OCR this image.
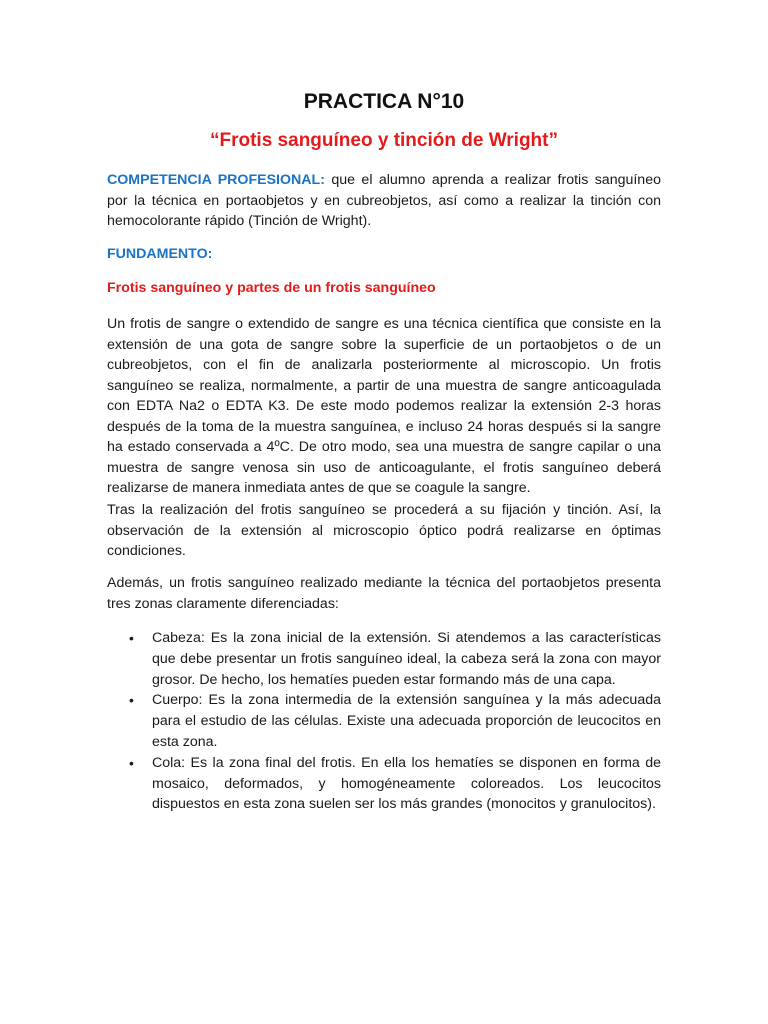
PRACTICA N°10
“Frotis sanguíneo y tinción de Wright”

COMPETENCIA PROFESIONAL: que el alumno aprenda a realizar frotis sanguíneo por la técnica en portaobjetos y en cubreobjetos, así como a realizar la tinción con hemocolorante rápido (Tinción de Wright).

FUNDAMENTO:

Frotis sanguíneo y partes de un frotis sanguíneo

Un frotis de sangre o extendido de sangre es una técnica científica que consiste en la extensión de una gota de sangre sobre la superficie de un portaobjetos o de un cubreobjetos, con el fin de analizarla posteriormente al microscopio. Un frotis sanguíneo se realiza, normalmente, a partir de una muestra de sangre anticoagulada con EDTA Na2 o EDTA K3. De este modo podemos realizar la extensión 2-3 horas después de la toma de la muestra sanguínea, e incluso 24 horas después si la sangre ha estado conservada a 4ºC. De otro modo, sea una muestra de sangre capilar o una muestra de sangre venosa sin uso de anticoagulante, el frotis sanguíneo deberá realizarse de manera inmediata antes de que se coagule la sangre.

Tras la realización del frotis sanguíneo se procederá a su fijación y tinción. Así, la observación de la extensión al microscopio óptico podrá realizarse en óptimas condiciones.

Además, un frotis sanguíneo realizado mediante la técnica del portaobjetos presenta tres zonas claramente diferenciadas:

• Cabeza: Es la zona inicial de la extensión. Si atendemos a las características que debe presentar un frotis sanguíneo ideal, la cabeza será la zona con mayor grosor. De hecho, los hematíes pueden estar formando más de una capa.
• Cuerpo: Es la zona intermedia de la extensión sanguínea y la más adecuada para el estudio de las células. Existe una adecuada proporción de leucocitos en esta zona.
• Cola: Es la zona final del frotis. En ella los hematíes se disponen en forma de mosaico, deformados, y homogéneamente coloreados. Los leucocitos dispuestos en esta zona suelen ser los más grandes (monocitos y granulocitos).
